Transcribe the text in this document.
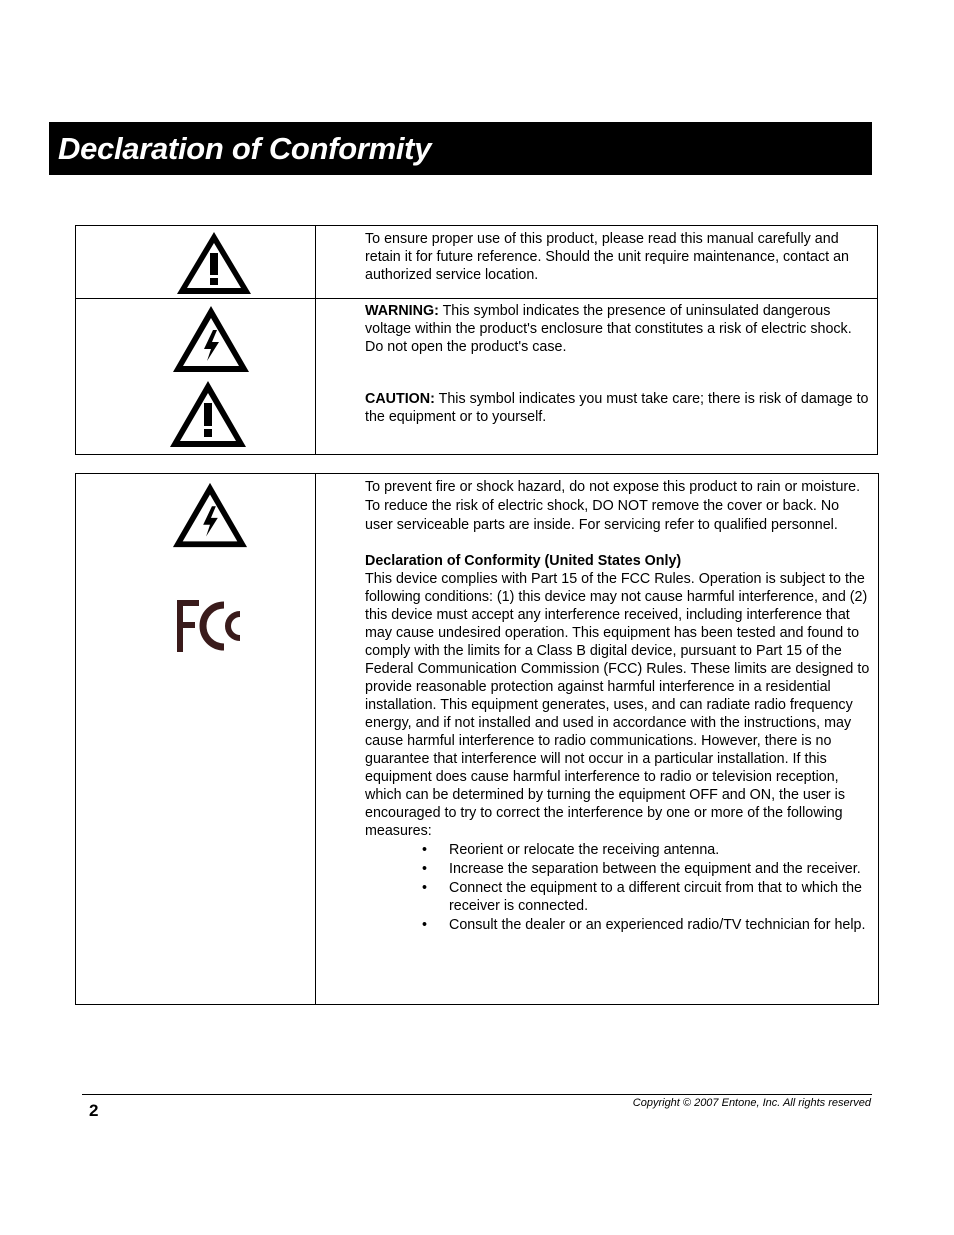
Declaration of Conformity

To ensure proper use of this product, please read this manual carefully and retain it for future reference. Should the unit require maintenance, contact an authorized service location.

WARNING: This symbol indicates the presence of uninsulated dangerous voltage within the product's enclosure that constitutes a risk of electric shock. Do not open the product's case.

CAUTION: This symbol indicates you must take care; there is risk of damage to the equipment or to yourself.

To prevent fire or shock hazard, do not expose this product to rain or moisture. To reduce the risk of electric shock, DO NOT remove the cover or back. No user serviceable parts are inside. For servicing refer to qualified personnel.

Declaration of Conformity (United States Only)

This device complies with Part 15 of the FCC Rules. Operation is subject to the following conditions: (1) this device may not cause harmful interference, and (2) this device must accept any interference received, including interference that may cause undesired operation. This equipment has been tested and found to comply with the limits for a Class B digital device, pursuant to Part 15 of the Federal Communication Commission (FCC) Rules. These limits are designed to provide reasonable protection against harmful interference in a residential installation. This equipment generates, uses, and can radiate radio frequency energy, and if not installed and used in accordance with the instructions, may cause harmful interference to radio communications. However, there is no guarantee that interference will not occur in a particular installation. If this equipment does cause harmful interference to radio or television reception, which can be determined by turning the equipment OFF and ON, the user is encouraged to try to correct the interference by one or more of the following measures:

• Reorient or relocate the receiving antenna.
• Increase the separation between the equipment and the receiver.
• Connect the equipment to a different circuit from that to which the receiver is connected.
• Consult the dealer or an experienced radio/TV technician for help.
2	Copyright © 2007 Entone, Inc. All rights reserved
